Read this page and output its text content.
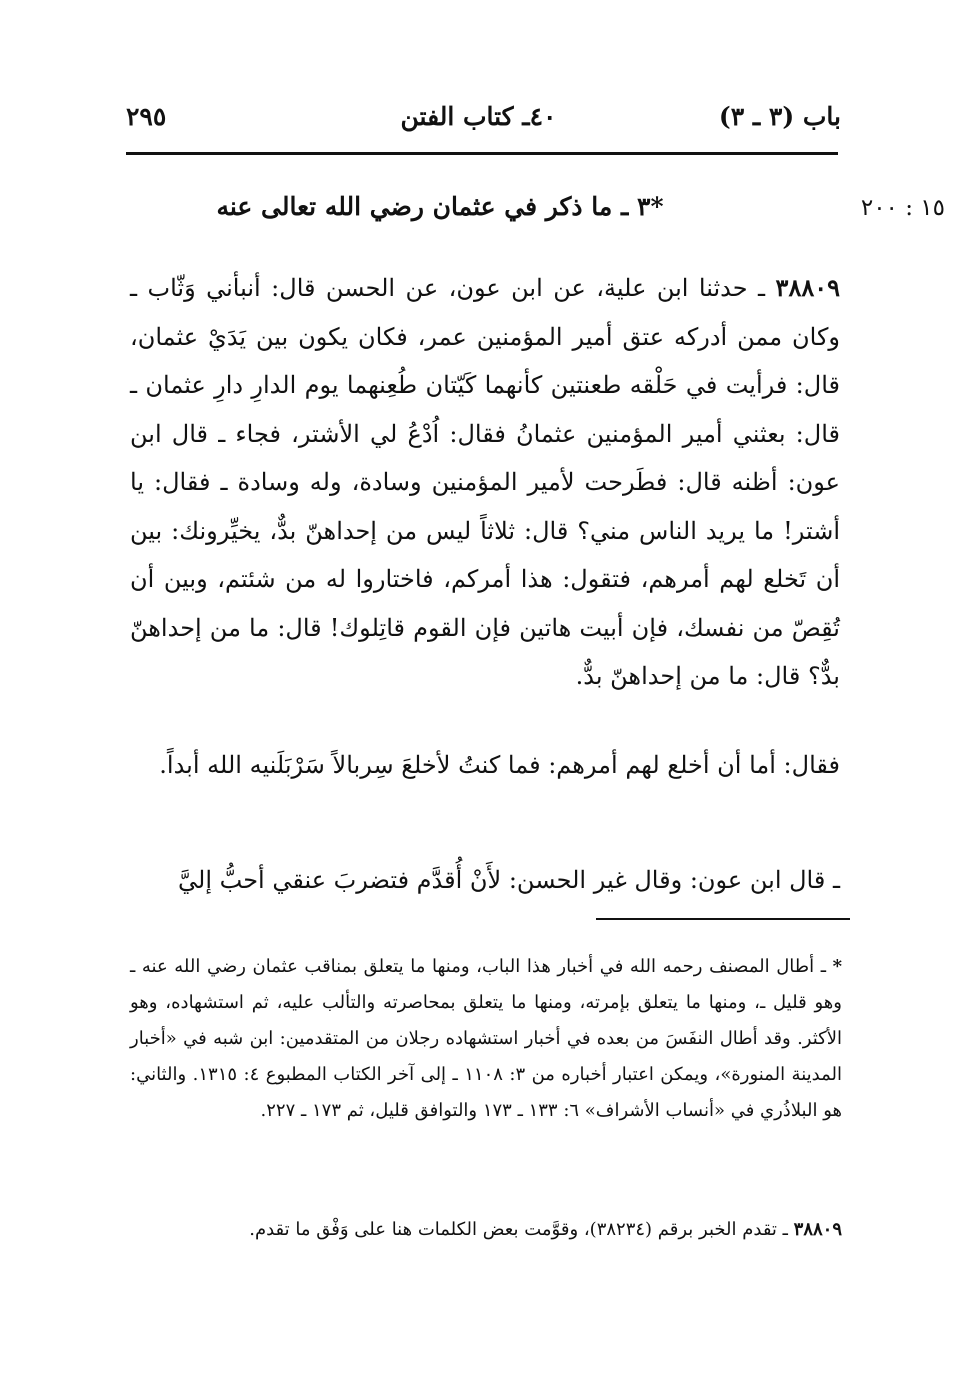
باب (٣ ـ ٣)
٤٠ـ كتاب الفتن
٢٩٥
١٥ : ٢٠٠
٣ ـ ما ذكر في عثمان رضي الله تعالى عنه*
٣٨٨٠٩ ـ حدثنا ابن علية، عن ابن عون، عن الحسن قال: أنبأني وَثّاب ـ وكان ممن أدركه عتق أمير المؤمنين عمر، فكان يكون بين يَدَيْ عثمان، قال: فرأيت في حَلْقه طعنتين كأنهما كَيّتان طُعِنهما يوم الدارِ دارِ عثمان ـ قال: بعثني أمير المؤمنين عثمانُ فقال: اُدْعُ لي الأشتر، فجاء ـ قال ابن عون: أظنه قال: فطَرحت لأمير المؤمنين وسادة، وله وسادة ـ فقال: يا أشتر! ما يريد الناس مني؟ قال: ثلاثاً ليس من إحداهنّ بدٌّ، يخيِّرونك: بين أن تَخلع لهم أمرهم، فتقول: هذا أمركم، فاختاروا له من شئتم، وبين أن تُقِصّ من نفسك، فإن أبيت هاتين فإن القوم قاتِلوك! قال: ما من إحداهنّ بدٌّ؟ قال: ما من إحداهنّ بدٌّ.
فقال: أما أن أخلع لهم أمرهم: فما كنتُ لأخلعَ سِربالاً سَرْبَلَنيه الله أبداً.
ـ قال ابن عون: وقال غير الحسن: لأَنْ أُقدَّم فتضربَ عنقي أحبُّ إليَّ
* ـ أطال المصنف رحمه الله في أخبار هذا الباب، ومنها ما يتعلق بمناقب عثمان رضي الله عنه ـ وهو قليل ـ، ومنها ما يتعلق بإمرته، ومنها ما يتعلق بمحاصرته والتألب عليه، ثم استشهاده، وهو الأكثر. وقد أطال النفَسَ من بعده في أخبار استشهاده رجلان من المتقدمين: ابن شبه في «أخبار المدينة المنورة»، ويمكن اعتبار أخباره من ٣: ١١٠٨ ـ إلى آخر الكتاب المطبوع ٤: ١٣١٥. والثاني: هو البلاذُري في «أنساب الأشراف» ٦: ١٣٣ ـ ١٧٣ والتوافق قليل، ثم ١٧٣ ـ ٢٢٧.
٣٨٨٠٩ ـ تقدم الخبر برقم (٣٨٢٣٤)، وقوَّمت بعض الكلمات هنا على وَفْق ما تقدم.
